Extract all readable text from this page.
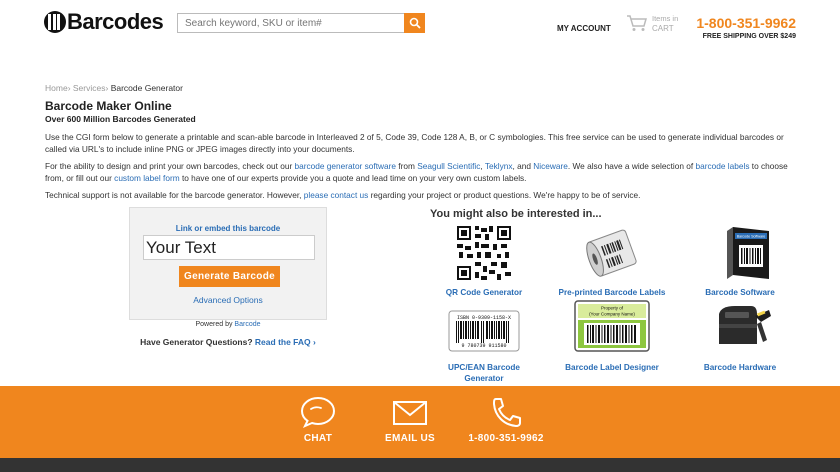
Barcodes
Search keyword, SKU or item#	MY ACCOUNT
Items in
CART	1-800-351-9962
FREE SHIPPING OVER $249
Home› Services› Barcode Generator
Barcode Maker Online
Over 600 Million Barcodes Generated

Use the CGI form below to generate a printable and scan-able barcode in Interleaved 2 of 5, Code 39, Code 128 A, B, or C symbologies. This free service can be used to generate individual barcodes or called via URL's to include inline PNG or JPEG images directly into your documents.

For the ability to design and print your own barcodes, check out our barcode generator software from Seagull Scientific, Teklynx, and Niceware. We also have a wide selection of barcode labels to choose from, or fill out our custom label form to have one of our experts provide you a quote and lead time on your very own custom labels.

Technical support is not available for the barcode generator. However, please contact us regarding your project or product questions. We're happy to be of service.

Link or embed this barcode
Your Text
Generate Barcode
Advanced Options
Powered by Barcode
Have Generator Questions? Read the FAQ ›
You might also be interested in...
QR Code Generator	Pre-printed Barcode Labels
Barcode Software
Barcode Software
ISBN 0-9309-1158-X
9 780739 911580
UPC/EAN Barcode Generator
Property of
(Your Company Name)
Barcode Label Designer	Barcode Hardware
CHAT	EMAIL US	1-800-351-9962
